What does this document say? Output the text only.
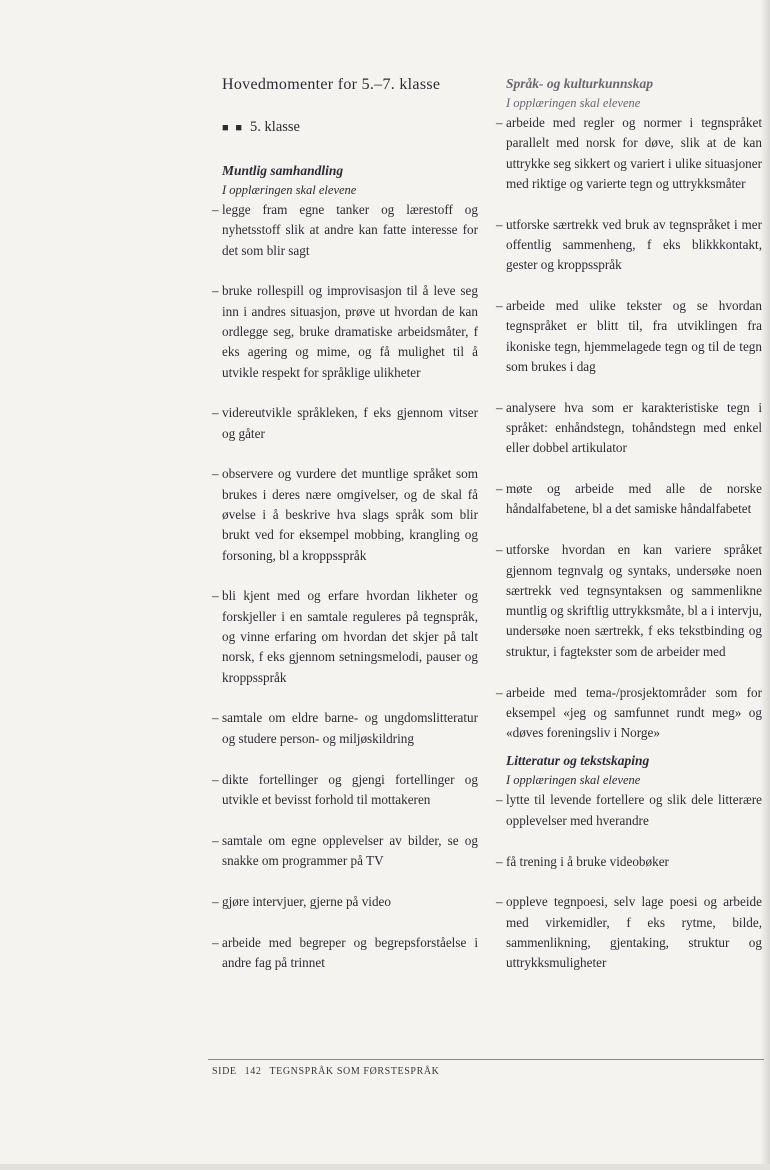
Hovedmomenter for 5.–7. klasse
■ ■ 5. klasse

Muntlig samhandling

I opplæringen skal elevene

– legge fram egne tanker og lærestoff og nyhetsstoff slik at andre kan fatte interesse for det som blir sagt
– bruke rollespill og improvisasjon til å leve seg inn i andres situasjon, prøve ut hvordan de kan ordlegge seg, bruke dramatiske arbeidsmåter, f eks agering og mime, og få mulighet til å utvikle respekt for språklige ulikheter
– videreutvikle språkleken, f eks gjennom vitser og gåter
– observere og vurdere det muntlige språket som brukes i deres nære omgivelser, og de skal få øvelse i å beskrive hva slags språk som blir brukt ved for eksempel mobbing, krangling og forsoning, bl a kroppsspråk
– bli kjent med og erfare hvordan likheter og forskjeller i en samtale reguleres på tegnspråk, og vinne erfaring om hvordan det skjer på talt norsk, f eks gjennom setningsmelodi, pauser og kroppsspråk
– samtale om eldre barne- og ungdomslitteratur og studere person- og miljøskildring
– dikte fortellinger og gjengi fortellinger og utvikle et bevisst forhold til mottakeren
– samtale om egne opplevelser av bilder, se og snakke om programmer på TV
– gjøre intervjuer, gjerne på video
– arbeide med begreper og begrepsforståelse i andre fag på trinnet

Språk- og kulturkunnskap

I opplæringen skal elevene

– arbeide med regler og normer i tegnspråket parallelt med norsk for døve, slik at de kan uttrykke seg sikkert og variert i ulike situasjoner med riktige og varierte tegn og uttrykksmåter
– utforske særtrekk ved bruk av tegnspråket i mer offentlig sammenheng, f eks blikkkontakt, gester og kroppsspråk
– arbeide med ulike tekster og se hvordan tegnspråket er blitt til, fra utviklingen fra ikoniske tegn, hjemmelagede tegn og til de tegn som brukes i dag
– analysere hva som er karakteristiske tegn i språket: enhåndstegn, tohåndstegn med enkel eller dobbel artikulator
– møte og arbeide med alle de norske håndalfabetene, bl a det samiske håndalfabetet
– utforske hvordan en kan variere språket gjennom tegnvalg og syntaks, undersøke noen særtrekk ved tegnsyntaksen og sammenlikne muntlig og skriftlig uttrykksmåte, bl a i intervju, undersøke noen særtrekk, f eks tekstbinding og struktur, i fagtekster som de arbeider med
– arbeide med tema-/prosjektområder som for eksempel «jeg og samfunnet rundt meg» og «døves foreningsliv i Norge»

Litteratur og tekstskaping

I opplæringen skal elevene

– lytte til levende fortellere og slik dele litterære opplevelser med hverandre
– få trening i å bruke videobøker
– oppleve tegnpoesi, selv lage poesi og arbeide med virkemidler, f eks rytme, bilde, sammenlikning, gjentaking, struktur og uttrykksmuligheter
SIDE 142 TEGNSPRÅK SOM FØRSTESPRÅK
